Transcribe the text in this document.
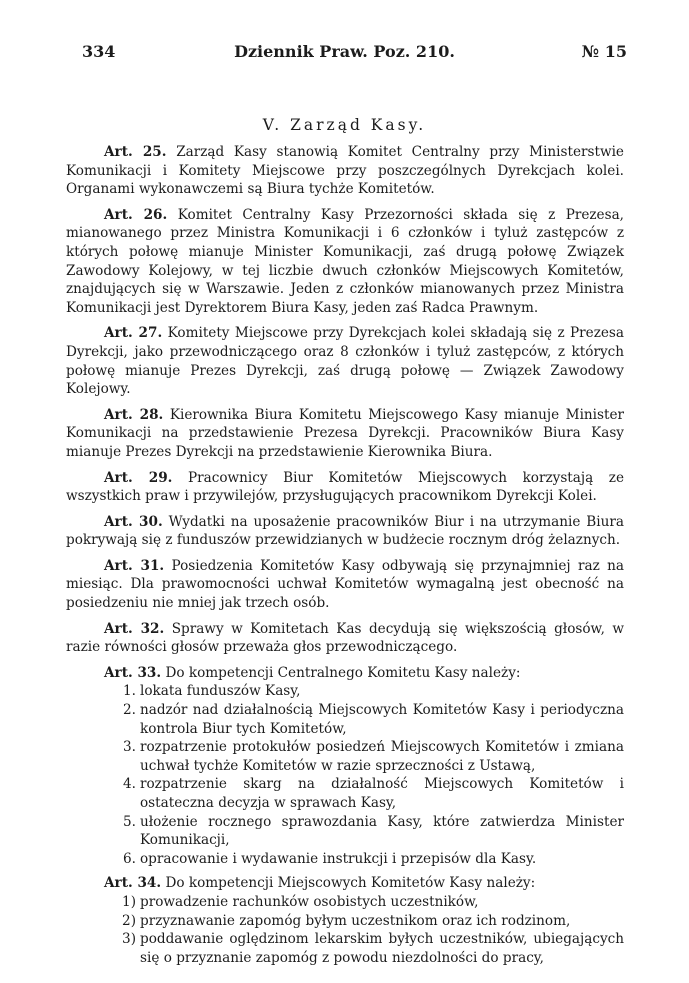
334	Dziennik Praw. Poz. 210.	№ 15
V. Zarząd Kasy.

Art. 25. Zarząd Kasy stanowią Komitet Centralny przy Ministerstwie Komunikacji i Komitety Miejscowe przy poszczególnych Dyrekcjach kolei. Organami wykonawczemi są Biura tychże Komitetów.

Art. 26. Komitet Centralny Kasy Przezorności składa się z Prezesa, mianowanego przez Ministra Komunikacji i 6 członków i tyluż zastępców z których połowę mianuje Minister Komunikacji, zaś drugą połowę Związek Zawodowy Kolejowy, w tej liczbie dwuch członków Miejscowych Komitetów, znajdujących się w Warszawie. Jeden z członków mianowanych przez Ministra Komunikacji jest Dyrektorem Biura Kasy, jeden zaś Radca Prawnym.

Art. 27. Komitety Miejscowe przy Dyrekcjach kolei składają się z Prezesa Dyrekcji, jako przewodniczącego oraz 8 członków i tyluż zastępców, z których połowę mianuje Prezes Dyrekcji, zaś drugą połowę — Związek Zawodowy Kolejowy.

Art. 28. Kierownika Biura Komitetu Miejscowego Kasy mianuje Minister Komunikacji na przedstawienie Prezesa Dyrekcji. Pracowników Biura Kasy mianuje Prezes Dyrekcji na przedstawienie Kierownika Biura.

Art. 29. Pracownicy Biur Komitetów Miejscowych korzystają ze wszystkich praw i przywilejów, przysługujących pracownikom Dyrekcji Kolei.

Art. 30. Wydatki na uposażenie pracowników Biur i na utrzymanie Biura pokrywają się z funduszów przewidzianych w budżecie rocznym dróg żelaznych.

Art. 31. Posiedzenia Komitetów Kasy odbywają się przynajmniej raz na miesiąc. Dla prawomocności uchwał Komitetów wymagalną jest obecność na posiedzeniu nie mniej jak trzech osób.

Art. 32. Sprawy w Komitetach Kas decydują się większością głosów, w razie równości głosów przeważa głos przewodniczącego.

Art. 33. Do kompetencji Centralnego Komitetu Kasy należy:

1. lokata funduszów Kasy,
2. nadzór nad działalnością Miejscowych Komitetów Kasy i periodyczna kontrola Biur tych Komitetów,
3. rozpatrzenie protokułów posiedzeń Miejscowych Komitetów i zmiana uchwał tychże Komitetów w razie sprzeczności z Ustawą,
4. rozpatrzenie skarg na działalność Miejscowych Komitetów i ostateczna decyzja w sprawach Kasy,
5. ułożenie rocznego sprawozdania Kasy, które zatwierdza Minister Komunikacji,
6. opracowanie i wydawanie instrukcji i przepisów dla Kasy.

Art. 34. Do kompetencji Miejscowych Komitetów Kasy należy:

1) prowadzenie rachunków osobistych uczestników,
2) przyznawanie zapomóg byłym uczestnikom oraz ich rodzinom,
3) poddawanie oględzinom lekarskim byłych uczestników, ubiegających się o przyznanie zapomóg z powodu niezdolności do pracy,
